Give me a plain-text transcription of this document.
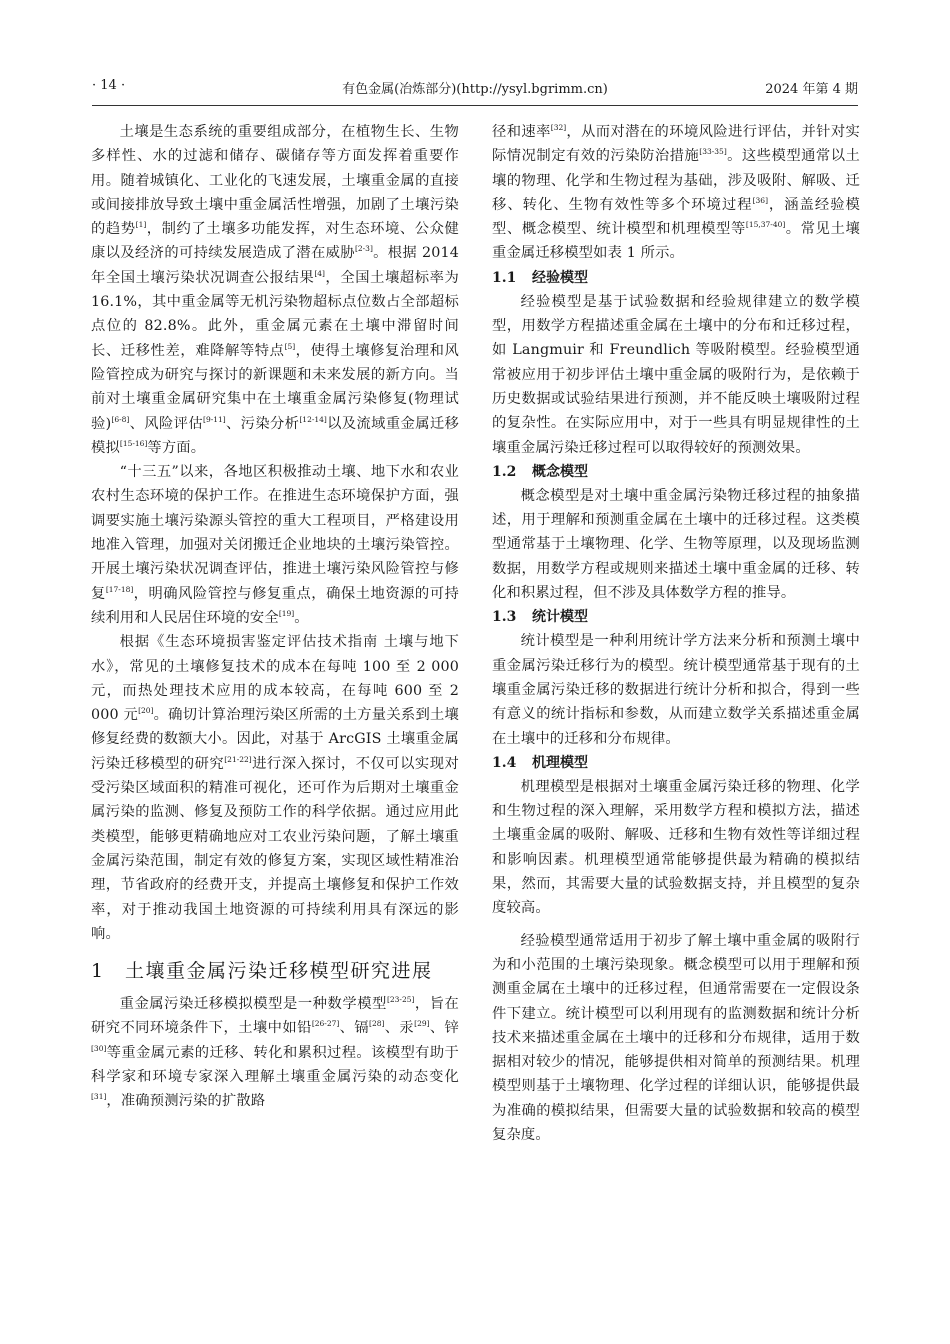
有色金属(冶炼部分)(http://ysyl.bgrimm.cn)
· 14 ·	2024 年第 4 期

土壤是生态系统的重要组成部分，在植物生长、生物多样性、水的过滤和储存、碳储存等方面发挥着重要作用。随着城镇化、工业化的飞速发展，土壤重金属的直接或间接排放导致土壤中重金属活性增强，加剧了土壤污染的趋势[1]，制约了土壤多功能发挥，对生态环境、公众健康以及经济的可持续发展造成了潜在威胁[2-3]。根据 2014 年全国土壤污染状况调查公报结果[4]，全国土壤超标率为 16.1%，其中重金属等无机污染物超标点位数占全部超标点位的 82.8%。此外，重金属元素在土壤中滞留时间长、迁移性差，难降解等特点[5]，使得土壤修复治理和风险管控成为研究与探讨的新课题和未来发展的新方向。当前对土壤重金属研究集中在土壤重金属污染修复(物理试验)[6-8]、风险评估[9-11]、污染分析[12-14]以及流域重金属迁移模拟[15-16]等方面。

“十三五”以来，各地区积极推动土壤、地下水和农业农村生态环境的保护工作。在推进生态环境保护方面，强调要实施土壤污染源头管控的重大工程项目，严格建设用地准入管理，加强对关闭搬迁企业地块的土壤污染管控。开展土壤污染状况调查评估，推进土壤污染风险管控与修复[17-18]，明确风险管控与修复重点，确保土地资源的可持续利用和人民居住环境的安全[19]。

根据《生态环境损害鉴定评估技术指南 土壤与地下水》，常见的土壤修复技术的成本在每吨 100 至 2 000 元，而热处理技术应用的成本较高，在每吨 600 至 2 000 元[20]。确切计算治理污染区所需的土方量关系到土壤修复经费的数额大小。因此，对基于 ArcGIS 土壤重金属污染迁移模型的研究[21-22]进行深入探讨，不仅可以实现对受污染区域面积的精准可视化，还可作为后期对土壤重金属污染的监测、修复及预防工作的科学依据。通过应用此类模型，能够更精确地应对工农业污染问题，了解土壤重金属污染范围，制定有效的修复方案，实现区域性精准治理，节省政府的经费开支，并提高土壤修复和保护工作效率，对于推动我国土地资源的可持续利用具有深远的影响。

1 土壤重金属污染迁移模型研究进展

重金属污染迁移模拟模型是一种数学模型[23-25]，旨在研究不同环境条件下，土壤中如铅[26-27]、镉[28]、汞[29]、锌[30]等重金属元素的迁移、转化和累积过程。该模型有助于科学家和环境专家深入理解土壤重金属污染的动态变化[31]，准确预测污染的扩散路

径和速率[32]，从而对潜在的环境风险进行评估，并针对实际情况制定有效的污染防治措施[33-35]。这些模型通常以土壤的物理、化学和生物过程为基础，涉及吸附、解吸、迁移、转化、生物有效性等多个环境过程[36]，涵盖经验模型、概念模型、统计模型和机理模型等[15,37-40]。常见土壤重金属迁移模型如表 1 所示。

1.1 经验模型

经验模型是基于试验数据和经验规律建立的数学模型，用数学方程描述重金属在土壤中的分布和迁移过程，如 Langmuir 和 Freundlich 等吸附模型。经验模型通常被应用于初步评估土壤中重金属的吸附行为，是依赖于历史数据或试验结果进行预测，并不能反映土壤吸附过程的复杂性。在实际应用中，对于一些具有明显规律性的土壤重金属污染迁移过程可以取得较好的预测效果。

1.2 概念模型

概念模型是对土壤中重金属污染物迁移过程的抽象描述，用于理解和预测重金属在土壤中的迁移过程。这类模型通常基于土壤物理、化学、生物等原理，以及现场监测数据，用数学方程或规则来描述土壤中重金属的迁移、转化和积累过程，但不涉及具体数学方程的推导。

1.3 统计模型

统计模型是一种利用统计学方法来分析和预测土壤中重金属污染迁移行为的模型。统计模型通常基于现有的土壤重金属污染迁移的数据进行统计分析和拟合，得到一些有意义的统计指标和参数，从而建立数学关系描述重金属在土壤中的迁移和分布规律。

1.4 机理模型

机理模型是根据对土壤重金属污染迁移的物理、化学和生物过程的深入理解，采用数学方程和模拟方法，描述土壤重金属的吸附、解吸、迁移和生物有效性等详细过程和影响因素。机理模型通常能够提供最为精确的模拟结果，然而，其需要大量的试验数据支持，并且模型的复杂度较高。

经验模型通常适用于初步了解土壤中重金属的吸附行为和小范围的土壤污染现象。概念模型可以用于理解和预测重金属在土壤中的迁移过程，但通常需要在一定假设条件下建立。统计模型可以利用现有的监测数据和统计分析技术来描述重金属在土壤中的迁移和分布规律，适用于数据相对较少的情况，能够提供相对简单的预测结果。机理模型则基于土壤物理、化学过程的详细认识，能够提供最为准确的模拟结果，但需要大量的试验数据和较高的模型复杂度。
